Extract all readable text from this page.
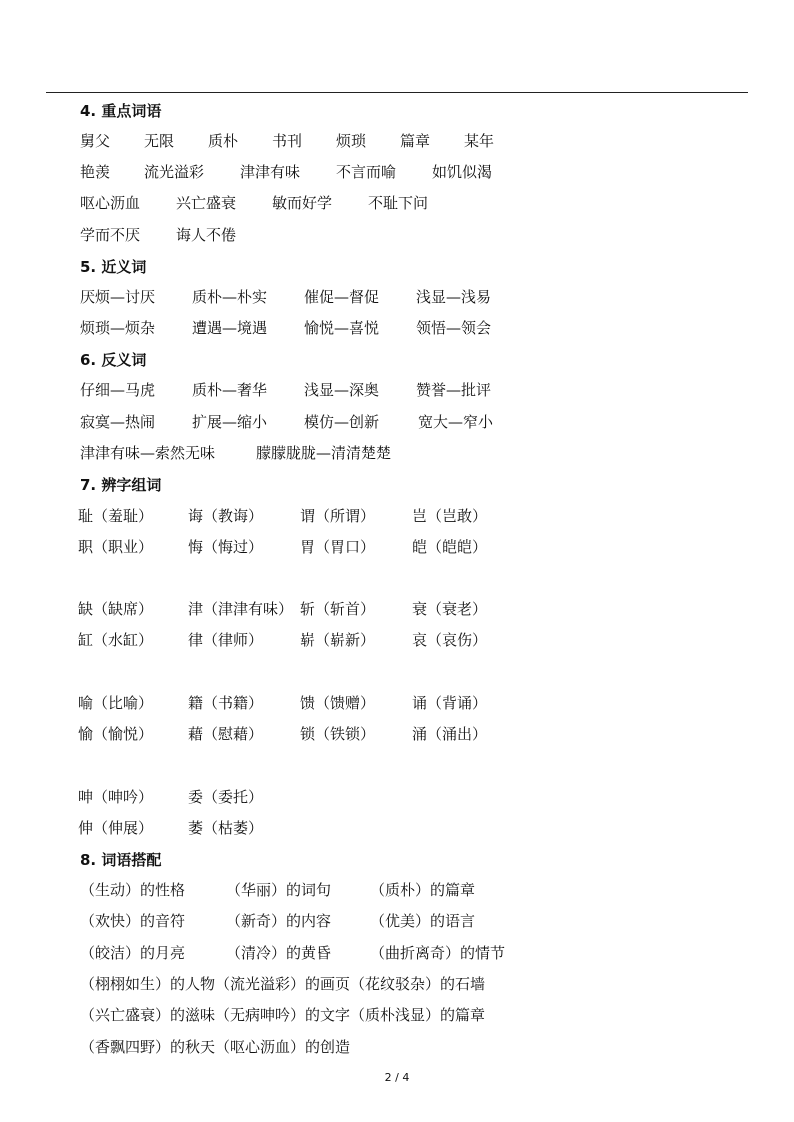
4. 重点词语
舅父 无限 质朴 书刊 烦琐 篇章 某年
艳羡 流光溢彩 津津有味 不言而喻 如饥似渴
呕心沥血 兴亡盛衰 敏而好学 不耻下问
学而不厌 诲人不倦
5. 近义词
厌烦—讨厌 质朴—朴实 催促—督促 浅显—浅易
烦琐—烦杂 遭遇—境遇 愉悦—喜悦 领悟—领会
6. 反义词
仔细—马虎 质朴—奢华 浅显—深奥 赞誉—批评
寂寞—热闹 扩展—缩小 模仿—创新	宽大—窄小
津津有味—索然无味	朦朦胧胧—清清楚楚
7. 辨字组词
耻（羞耻） 诲（教诲） 谓（所谓） 岂（岂敢）
职（职业） 悔（悔过） 胃（胃口） 皑（皑皑）
缺（缺席） 津（津津有味） 斩（斩首） 衰（衰老）
缸（水缸） 律（律师） 崭（崭新） 哀（哀伤）
喻（比喻） 籍（书籍） 馈（馈赠） 诵（背诵）
愉（愉悦） 藉（慰藉） 锁（铁锁） 涌（涌出）
呻（呻吟） 委（委托）
伸（伸展） 萎（枯萎）
8. 词语搭配
（生动）的性格	（华丽）的词句	（质朴）的篇章
（欢快）的音符	（新奇）的内容	（优美）的语言
（皎洁）的月亮	（清冷）的黄昏	（曲折离奇）的情节
（栩栩如生）的人物（流光溢彩）的画页（花纹驳杂）的石墙
（兴亡盛衰）的滋味（无病呻吟）的文字（质朴浅显）的篇章
（香飘四野）的秋天（呕心沥血）的创造
2 / 4
